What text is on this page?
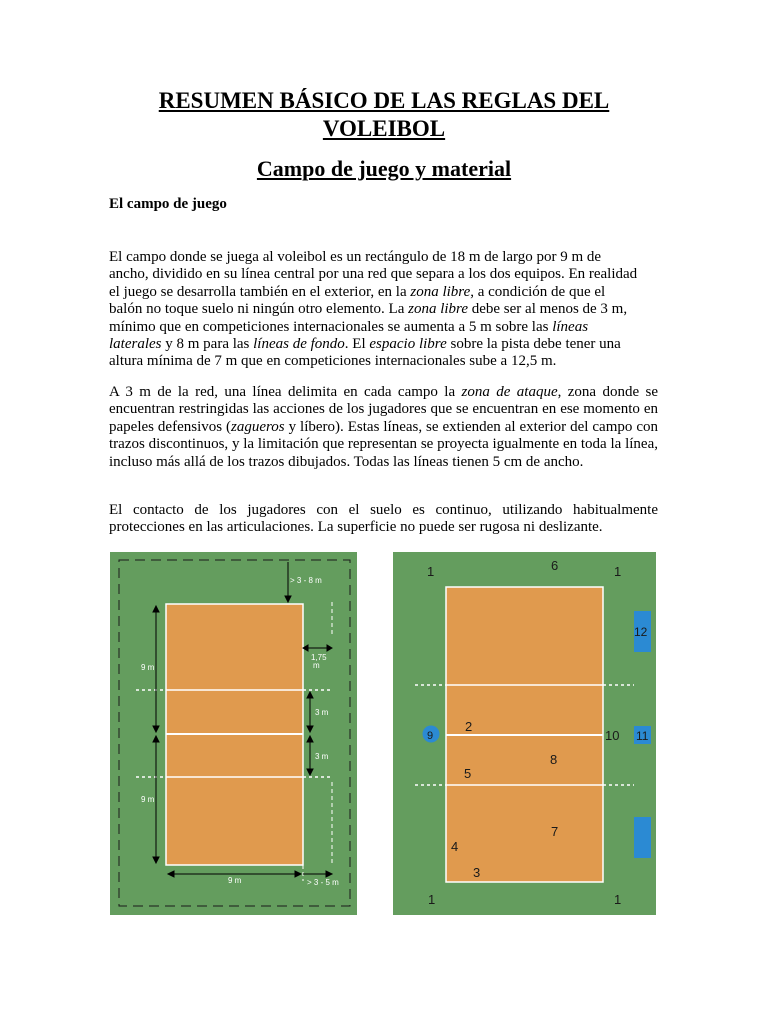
RESUMEN BÁSICO DE LAS REGLAS DEL
VOLEIBOL
Campo de juego y material
El campo de juego

El campo donde se juega al voleibol es un rectángulo de 18 m de largo por 9 m de
ancho, dividido en su línea central por una red que separa a los dos equipos. En realidad
el juego se desarrolla también en el exterior, en la zona libre, a condición de que el
balón no toque suelo ni ningún otro elemento. La zona libre debe ser al menos de 3 m,
mínimo que en competiciones internacionales se aumenta a 5 m sobre las líneas
laterales y 8 m para las líneas de fondo. El espacio libre sobre la pista debe tener una
altura mínima de 7 m que en competiciones internacionales sube a 12,5 m.

A 3 m de la red, una línea delimita en cada campo la zona de ataque, zona donde se encuentran restringidas las acciones de los jugadores que se encuentran en ese momento en papeles defensivos (zagueros y líbero). Estas líneas, se extienden al exterior del campo con trazos discontinuos, y la limitación que representan se proyecta igualmente en toda la línea, incluso más allá de los trazos dibujados. Todas las líneas tienen 5 cm de ancho.

El contacto de los jugadores con el suelo es continuo, utilizando habitualmente protecciones en las articulaciones. La superficie no puede ser rugosa ni deslizante.

> 3 - 8 m
1,75
m
3 m
3 m
9 m
9 m
9 m	> 3 - 5 m
1	6	1
12
9
2
10 11
8
5
7
4
3
1	1
